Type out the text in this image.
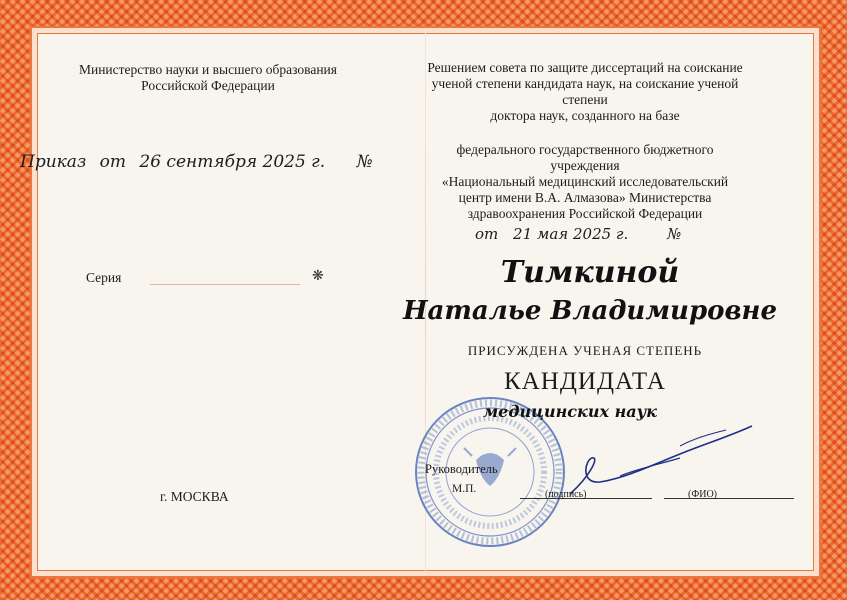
Министерство науки и высшего образования
Российской Федерации
Приказ от 26 сентября 2025 г. №
Серия	❋
г. МОСКВА

Решением совета по защите диссертаций на соискание

ученой степени кандидата наук, на соискание ученой степени

доктора наук, созданного на базе

федерального государственного бюджетного

учреждения

«Национальный медицинский исследовательский

центр имени В.А. Алмазова» Министерства

здравоохранения Российской Федерации

от 21 мая 2025 г.	№
Тимкиной
Наталье Владимировне
ПРИСУЖДЕНА УЧЕНАЯ СТЕПЕНЬ
КАНДИДАТА
медицинских наук
Руководитель
М.П.	(подпись)	(ФИО)
